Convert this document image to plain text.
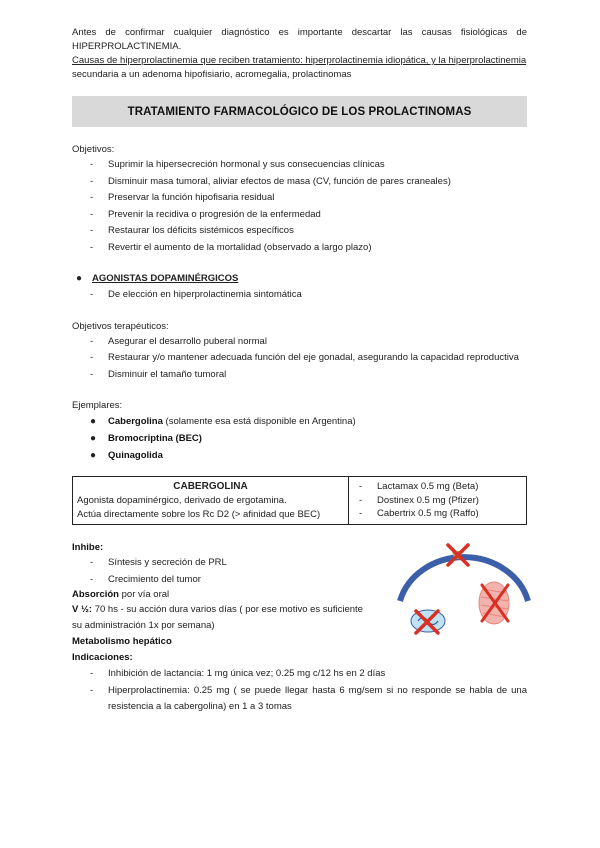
Antes de confirmar cualquier diagnóstico es importante descartar las causas fisiológicas de HIPERPROLACTINEMIA.

Causas de hiperprolactinemia que reciben tratamiento: hiperprolactinemia idiopática, y la hiperprolactinemia

secundaria a un adenoma hipofisiario, acromegalia, prolactinomas

TRATAMIENTO FARMACOLÓGICO DE LOS PROLACTINOMAS

Objetivos:

- Suprimir la hipersecreción hormonal y sus consecuencias clínicas
- Disminuir masa tumoral, aliviar efectos de masa (CV, función de pares craneales)
- Preservar la función hipofisaria residual
- Prevenir la recidiva o progresión de la enfermedad
- Restaurar los déficits sistémicos específicos
- Revertir el aumento de la mortalidad (observado a largo plazo)
● AGONISTAS DOPAMINÉRGICOS
- De elección en hiperprolactinemia sintomática

Objetivos terapéuticos:

- Asegurar el desarrollo puberal normal
- Restaurar y/o mantener adecuada función del eje gonadal, asegurando la capacidad reproductiva
- Disminuir el tamaño tumoral

Ejemplares:

● Cabergolina (solamente esa está disponible en Argentina)
● Bromocriptina (BEC)
● Quinagolida
CABERGOLINA
Agonista dopaminérgico, derivado de ergotamina.
Actúa directamente sobre los Rc D2 (> afinidad que BEC)

- Lactamax 0.5 mg (Beta)
- Dostinex 0.5 mg (Pfizer)
- Cabertrix 0.5 mg (Raffo)

Inhibe:

- Síntesis y secreción de PRL
- Crecimiento del tumor

Absorción por vía oral

V ½: 70 hs - su acción dura varios días ( por ese motivo es suficiente su administración 1x por semana)

Metabolismo hepático

Indicaciones:

- Inhibición de lactancia: 1 mg única vez; 0.25 mg c/12 hs en 2 días
- Hiperprolactinemia: 0.25 mg ( se puede llegar hasta 6 mg/sem si no responde se habla de una resistencia a la cabergolina) en 1 a 3 tomas
